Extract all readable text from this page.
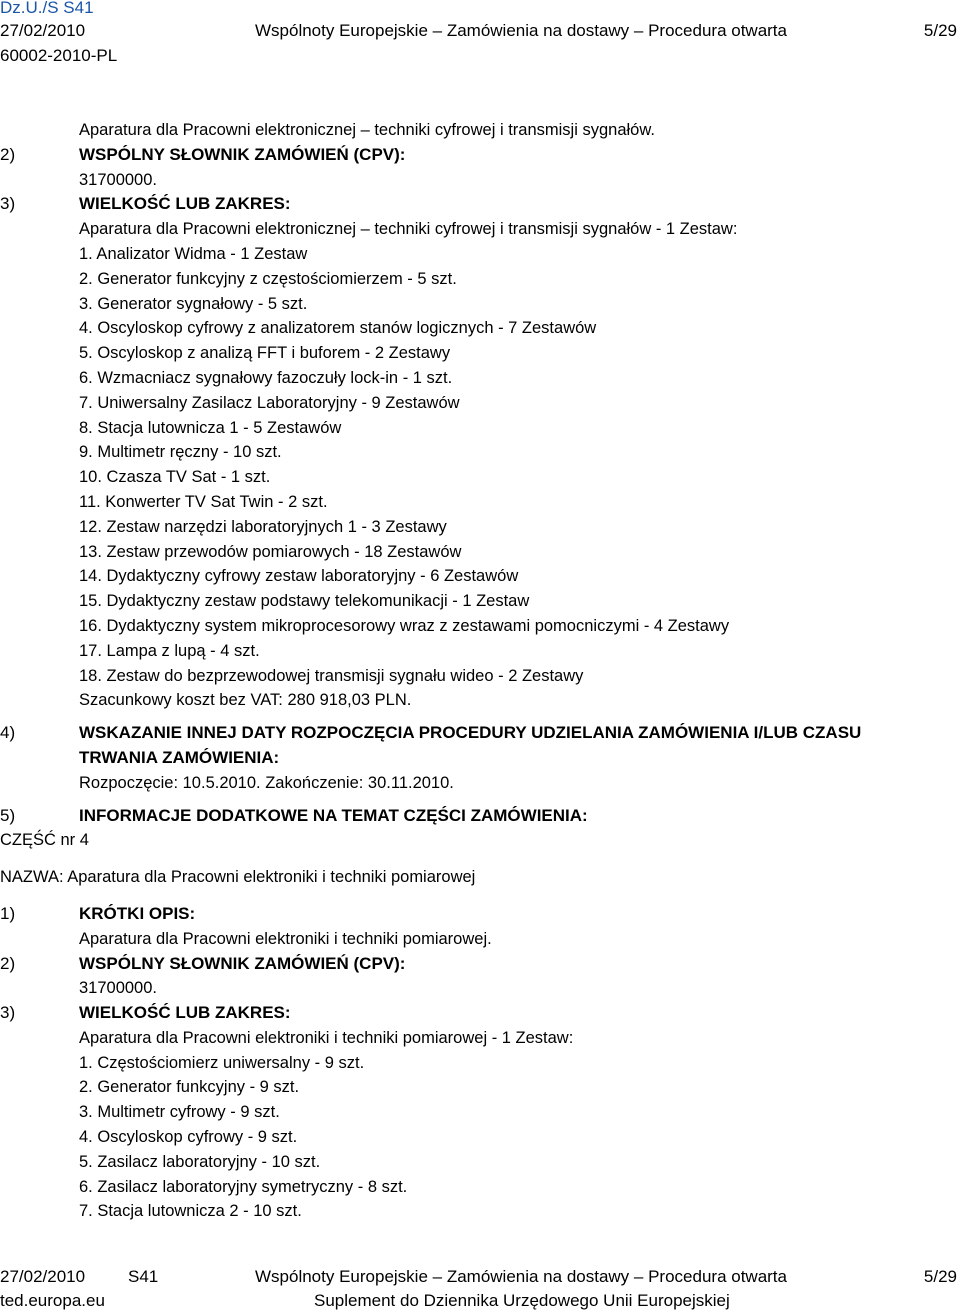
Dz.U./S S41
27/02/2010	Wspólnoty Europejskie – Zamówienia na dostawy – Procedura otwarta	5/29
60002-2010-PL
Aparatura dla Pracowni elektronicznej – techniki cyfrowej i transmisji sygnałów.
2)	WSPÓLNY SŁOWNIK ZAMÓWIEŃ (CPV):
31700000.
3)	WIELKOŚĆ LUB ZAKRES:
Aparatura dla Pracowni elektronicznej – techniki cyfrowej i transmisji sygnałów - 1 Zestaw:
1. Analizator Widma - 1 Zestaw
2. Generator funkcyjny z częstościomierzem - 5 szt.
3. Generator sygnałowy - 5 szt.
4. Oscyloskop cyfrowy z analizatorem stanów logicznych - 7 Zestawów
5. Oscyloskop z analizą FFT i buforem - 2 Zestawy
6. Wzmacniacz sygnałowy fazoczuły lock-in - 1 szt.
7. Uniwersalny Zasilacz Laboratoryjny - 9 Zestawów
8. Stacja lutownicza 1 - 5 Zestawów
9. Multimetr ręczny - 10 szt.
10. Czasza TV Sat - 1 szt.
11. Konwerter TV Sat Twin - 2 szt.
12. Zestaw narzędzi laboratoryjnych 1 - 3 Zestawy
13. Zestaw przewodów pomiarowych - 18 Zestawów
14. Dydaktyczny cyfrowy zestaw laboratoryjny - 6 Zestawów
15. Dydaktyczny zestaw podstawy telekomunikacji - 1 Zestaw
16. Dydaktyczny system mikroprocesorowy wraz z zestawami pomocniczymi - 4 Zestawy
17. Lampa z lupą - 4 szt.
18. Zestaw do bezprzewodowej transmisji sygnału wideo - 2 Zestawy
Szacunkowy koszt bez VAT: 280 918,03 PLN.
4)	WSKAZANIE INNEJ DATY ROZPOCZĘCIA PROCEDURY UDZIELANIA ZAMÓWIENIA I/LUB CZASU TRWANIA ZAMÓWIENIA:
Rozpoczęcie: 10.5.2010. Zakończenie: 30.11.2010.
5)	INFORMACJE DODATKOWE NA TEMAT CZĘŚCI ZAMÓWIENIA:
CZĘŚĆ nr 4
NAZWA: Aparatura dla Pracowni elektroniki i techniki pomiarowej
1)	KRÓTKI OPIS:
Aparatura dla Pracowni elektroniki i techniki pomiarowej.
2)	WSPÓLNY SŁOWNIK ZAMÓWIEŃ (CPV):
31700000.
3)	WIELKOŚĆ LUB ZAKRES:
Aparatura dla Pracowni elektroniki i techniki pomiarowej - 1 Zestaw:
1. Częstościomierz uniwersalny - 9 szt.
2. Generator funkcyjny - 9 szt.
3. Multimetr cyfrowy - 9 szt.
4. Oscyloskop cyfrowy - 9 szt.
5. Zasilacz laboratoryjny - 10 szt.
6. Zasilacz laboratoryjny symetryczny - 8 szt.
7. Stacja lutownicza 2 - 10 szt.
27/02/2010	S41	Wspólnoty Europejskie – Zamówienia na dostawy – Procedura otwarta	5/29
ted.europa.eu	Suplement do Dziennika Urzędowego Unii Europejskiej
